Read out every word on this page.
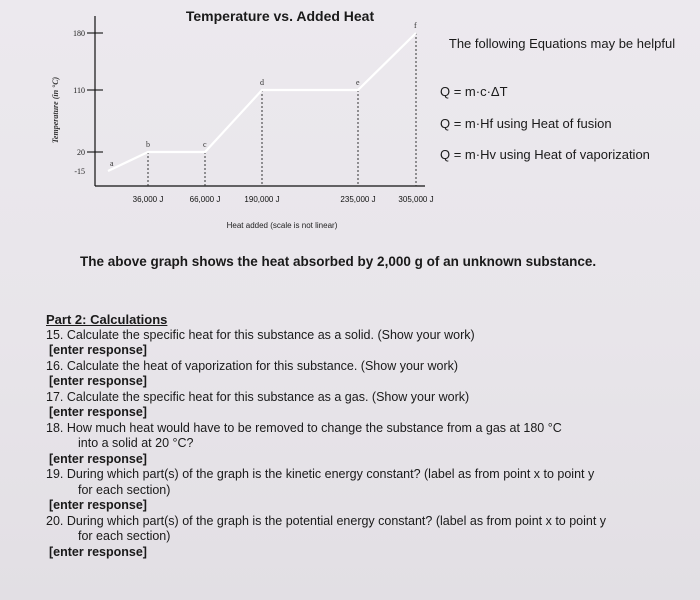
Temperature vs. Added Heat
180
110
20
-15
Temperature (in °C)
a
b	c
d	e
f
36,000 J	66,000 J	190,000 J	235,000 J	305,000 J
Heat added (scale is not linear)
The following Equations may be helpful
Q = m·c·ΔT
Q = m·Hf using Heat of fusion
Q = m·Hv using Heat of vaporization
The above graph shows the heat absorbed by 2,000 g of an unknown substance.
Part 2: Calculations
15. Calculate the specific heat for this substance as a solid. (Show your work)
[enter response]
16. Calculate the heat of vaporization for this substance. (Show your work)
[enter response]
17. Calculate the specific heat for this substance as a gas. (Show your work)
[enter response]
18. How much heat would have to be removed to change the substance from a gas at 180 °C
into a solid at 20 °C?
[enter response]
19. During which part(s) of the graph is the kinetic energy constant? (label as from point x to point y
for each section)
[enter response]
20. During which part(s) of the graph is the potential energy constant? (label as from point x to point y
for each section)
[enter response]
